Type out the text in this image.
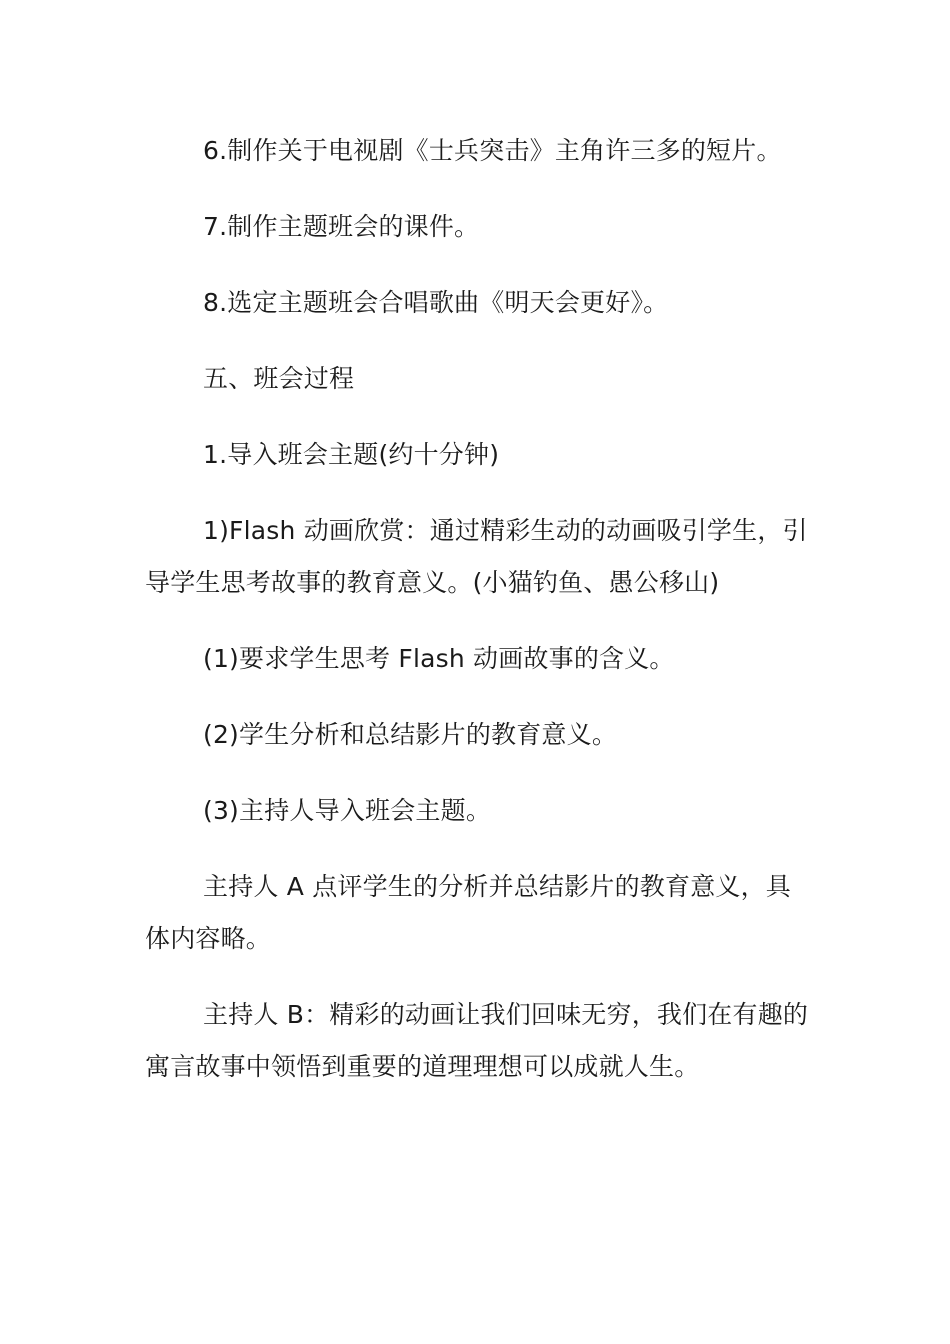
6.制作关于电视剧《士兵突击》主角许三多的短片。

7.制作主题班会的课件。

8.选定主题班会合唱歌曲《明天会更好》。

五、班会过程

1.导入班会主题(约十分钟)

1)Flash 动画欣赏：通过精彩生动的动画吸引学生，引导学生思考故事的教育意义。(小猫钓鱼、愚公移山)

(1)要求学生思考 Flash 动画故事的含义。

(2)学生分析和总结影片的教育意义。

(3)主持人导入班会主题。

主持人 A 点评学生的分析并总结影片的教育意义，具体内容略。

主持人 B：精彩的动画让我们回味无穷，我们在有趣的寓言故事中领悟到重要的道理理想可以成就人生。
